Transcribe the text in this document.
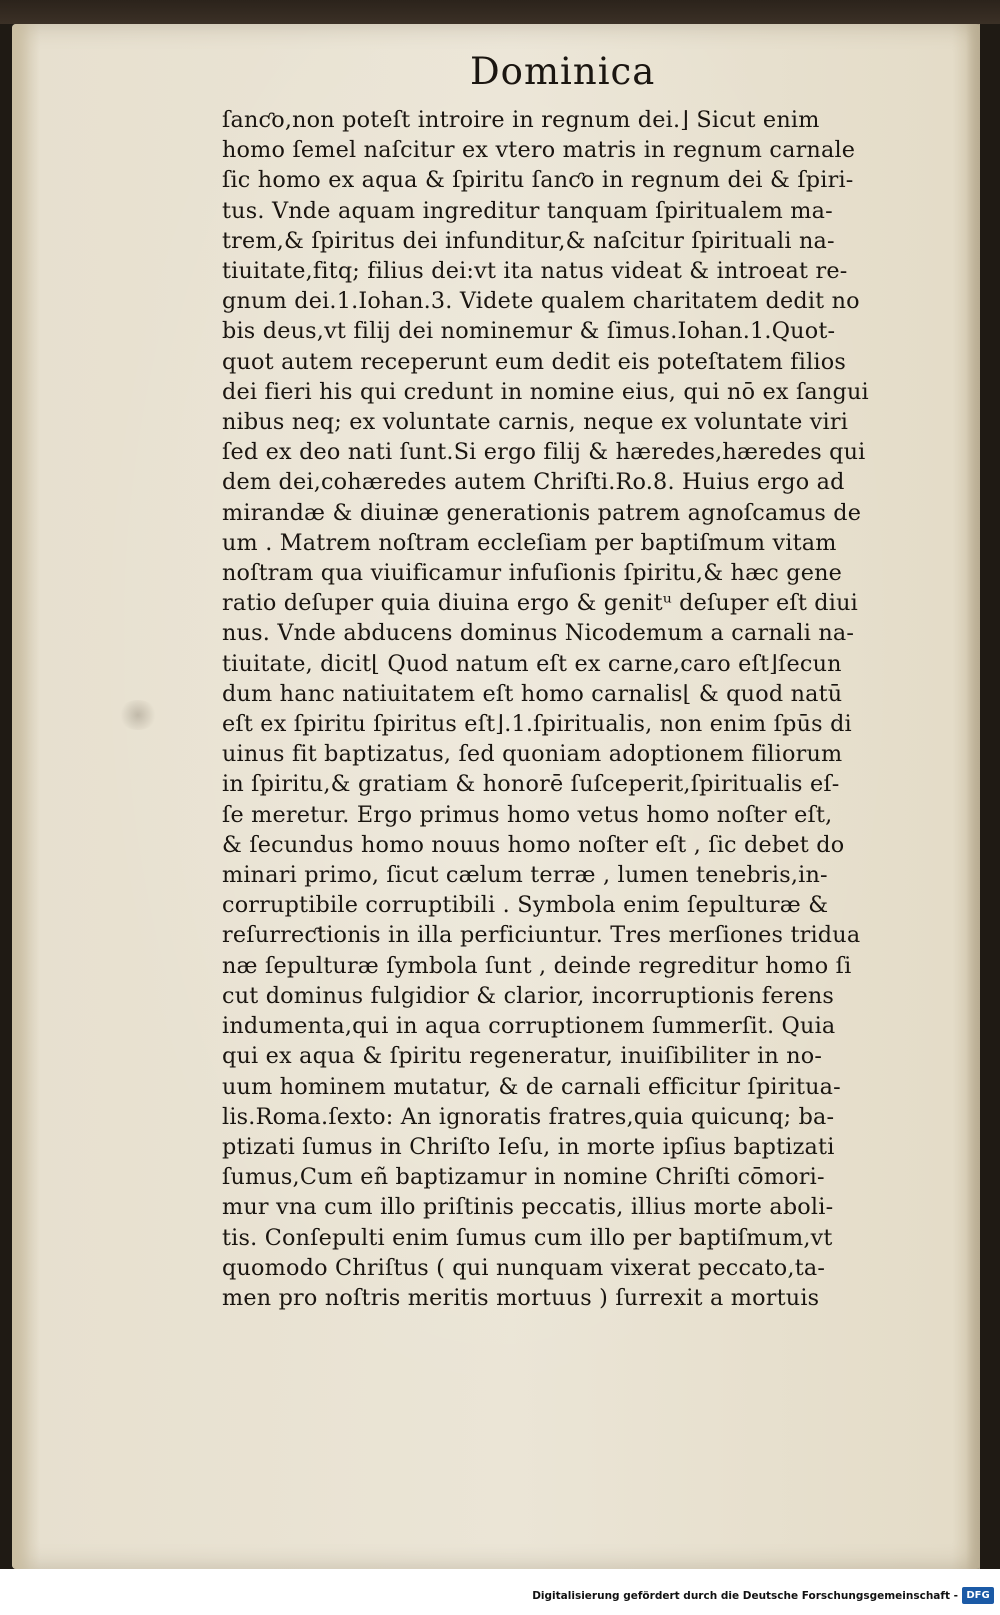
Dominica
ſanƈo,non poteſt introire in regnum dei.⌋ Sicut enim
homo ſemel naſcitur ex vtero matris in regnum carnale
ſic homo ex aqua & ſpiritu ſanƈo in regnum dei & ſpiri-
tus. Vnde aquam ingreditur tanquam ſpiritualem ma-
trem,& ſpiritus dei infunditur,& naſcitur ſpirituali na-
tiuitate,fitq; filius dei:vt ita natus videat & introeat re-
gnum dei.1.Iohan.3. Videte qualem charitatem dedit no
bis deus,vt filij dei nominemur & ſimus.Iohan.1.Quot-
quot autem receperunt eum dedit eis poteſtatem filios
dei fieri his qui credunt in nomine eius, qui nō ex ſangui
nibus neq; ex voluntate carnis, neque ex voluntate viri
ſed ex deo nati ſunt.Si ergo filij & hæredes,hæredes qui
dem dei,cohæredes autem Chriſti.Ro.8. Huius ergo ad
mirandæ & diuinæ generationis patrem agnoſcamus de
um . Matrem noſtram eccleſiam per baptiſmum vitam
noſtram qua viuificamur infuſionis ſpiritu,& hæc gene
ratio deſuper quia diuina ergo & genitᵘ deſuper eſt diui
nus. Vnde abducens dominus Nicodemum a carnali na-
tiuitate, dicit⌊ Quod natum eſt ex carne,caro eſt⌋ſecun
dum hanc natiuitatem eſt homo carnalis⌊ & quod natū
eſt ex ſpiritu ſpiritus eſt⌋.1.ſpiritualis, non enim ſpūs di
uinus fit baptizatus, ſed quoniam adoptionem filiorum
in ſpiritu,& gratiam & honorē ſuſceperit,ſpiritualis eſ-
ſe meretur. Ergo primus homo vetus homo noſter eſt,
& ſecundus homo nouus homo noſter eſt , ſic debet do
minari primo, ſicut cælum terræ , lumen tenebris,in-
corruptibile corruptibili . Symbola enim ſepulturæ &
reſurreƈtionis in illa perficiuntur. Tres merſiones tridua
næ ſepulturæ ſymbola ſunt , deinde regreditur homo ſi
cut dominus fulgidior & clarior, incorruptionis ferens
indumenta,qui in aqua corruptionem ſummerſit. Quia
qui ex aqua & ſpiritu regeneratur, inuiſibiliter in no-
uum hominem mutatur, & de carnali efficitur ſpiritua-
lis.Roma.ſexto: An ignoratis fratres,quia quicunq; ba-
ptizati ſumus in Chriſto Ieſu, in morte ipſius baptizati
ſumus,Cum eñ baptizamur in nomine Chriſti cōmori-
mur vna cum illo priſtinis peccatis, illius morte aboli-
tis. Conſepulti enim ſumus cum illo per baptiſmum,vt
quomodo Chriſtus ( qui nunquam vixerat peccato,ta-
men pro noſtris meritis mortuus ) ſurrexit a mortuis
Digitalisierung gefördert durch die Deutsche Forschungsgemeinschaft - DFG
